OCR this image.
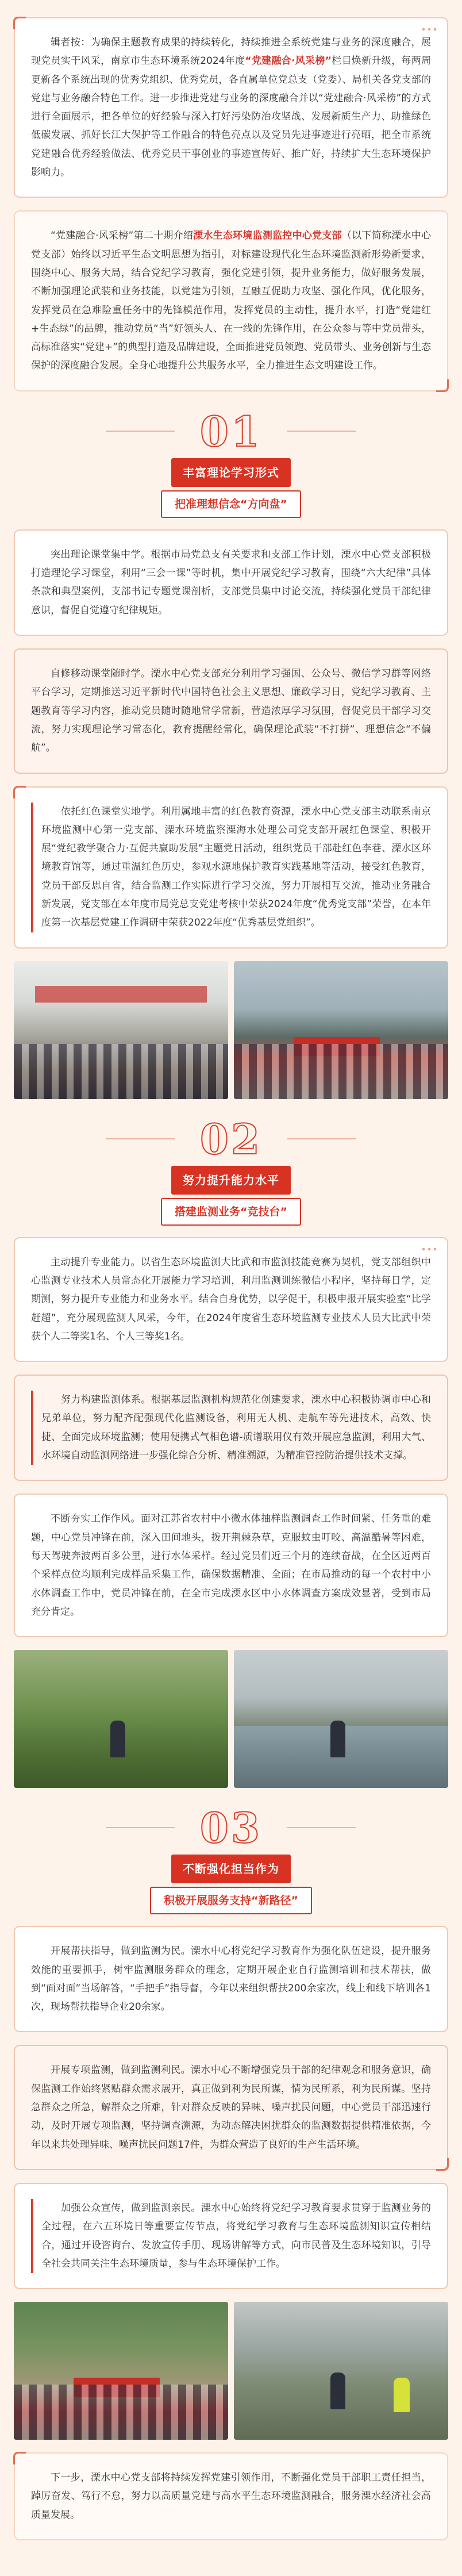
辑者按：为确保主题教育成果的持续转化，持续推进全系统党建与业务的深度融合，展现党员实干风采，南京市生态环境系统2024年度“党建融合·风采榜”栏目焕新升级，每两周更新各个系统出现的优秀党组织、优秀党员，各直属单位党总支（党委）、局机关各党支部的党建与业务融合特色工作。进一步推进党建与业务的深度融合并以“党建融合·风采榜”的方式进行全面展示，把各单位的好经验与深入打好污染防治攻坚战、发展新质生产力、助推绿色低碳发展、抓好长江大保护等工作融合的特色亮点以及党员先进事迹进行亮晒，把全市系统党建融合优秀经验做法、优秀党员干事创业的事迹宣传好、推广好，持续扩大生态环境保护影响力。

“党建融合·风采榜”第二十期介绍溧水生态环境监测监控中心党支部（以下简称溧水中心党支部）始终以习近平生态文明思想为指引，对标建设现代化生态环境监测新形势新要求，围绕中心、服务大局，结合党纪学习教育，强化党建引领，提升业务能力，做好服务发展，不断加强理论武装和业务技能，以党建为引领，互融互促助力攻坚、强化作风，优化服务，发挥党员在急难险重任务中的先锋模范作用，发挥党员的主动性，提升水平，打造“党建红+生态绿”的品牌，推动党员“当”好领头人、在一线的先锋作用，在公众参与等中党员带头，高标准落实“党建+”的典型打造及品牌建设，全面推进党员领跑、党员带头、业务创新与生态保护的深度融合发展。全身心地提升公共服务水平，全力推进生态文明建设工作。

01
丰富理论学习形式
把准理想信念“方向盘”

突出理论课堂集中学。根据市局党总支有关要求和支部工作计划，溧水中心党支部积极打造理论学习课堂，利用“三会一课”等时机，集中开展党纪学习教育，围绕“六大纪律”具体条款和典型案例，支部书记专题党课剖析，支部党员集中讨论交流，持续强化党员干部纪律意识，督促自觉遵守纪律规矩。

自修移动课堂随时学。溧水中心党支部充分利用学习强国、公众号、微信学习群等网络平台学习，定期推送习近平新时代中国特色社会主义思想、廉政学习日，党纪学习教育、主题教育等学习内容，推动党员随时随地常学常新，营造浓厚学习氛围，督促党员干部学习交流，努力实现理论学习常态化，教育提醒经常化，确保理论武装“不打拼”、理想信念“不偏航”。

依托红色课堂实地学。利用属地丰富的红色教育资源，溧水中心党支部主动联系南京环境监测中心第一党支部、溧水环境监察溧海水处理公司党支部开展红色课堂、积极开展“党纪教学聚合力·互促共赢助发展”主题党日活动，组织党员干部赴红色李巷、溧水区环境教育馆等，通过重温红色历史，参观水源地保护教育实践基地等活动，接受红色教育，党员干部反思自省，结合监测工作实际进行学习交流，努力开展相互交流，推动业务融合新发展，党支部在本年度市局党总支党建考核中荣获2024年度“优秀党支部”荣誉，在本年度第一次基层党建工作调研中荣获2022年度“优秀基层党组织”。

02
努力提升能力水平
搭建监测业务“竞技台”

主动提升专业能力。以省生态环境监测大比武和市监测技能竞赛为契机，党支部组织中心监测专业技术人员常态化开展能力学习培训，利用监测训练微信小程序，坚持每日学，定期测，努力提升专业能力和业务水平。结合自身优势，以学促干，积极申报开展实验室“比学赶超”，充分展现监测人风采，今年，在2024年度省生态环境监测专业技术人员大比武中荣获个人二等奖1名、个人三等奖1名。

努力构建监测体系。根据基层监测机构规范化创建要求，溧水中心积极协调市中心和兄弟单位，努力配齐配强现代化监测设备，利用无人机、走航车等先进技术，高效、快捷、全面完成环境监测；使用便携式气相色谱-质谱联用仪有效开展应急监测，利用大气、水环境自动监测网络进一步强化综合分析、精准溯源，为精准管控防治提供技术支撑。

不断夯实工作作风。面对江苏省农村中小微水体抽样监测调查工作时间紧、任务重的难题，中心党员冲锋在前，深入田间地头，拨开荆棘杂草，克服蚊虫叮咬、高温酷暑等困难，每天驾驶奔波两百多公里，进行水体采样。经过党员们近三个月的连续奋战，在全区近两百个采样点位均顺利完成样品采集工作，确保数据精准、全面；在市局推动的每一个农村中小水体调查工作中，党员冲锋在前，在全市完成溧水区中小水体调查方案成效显著，受到市局充分肯定。

03
不断强化担当作为
积极开展服务支持“新路径”

开展帮扶指导，做到监测为民。溧水中心将党纪学习教育作为强化队伍建设，提升服务效能的重要抓手，树牢监测服务群众的理念，定期开展企业自行监测培训和技术帮扶，做到“面对面”当场解答，“手把手”指导督，今年以来组织帮扶200余家次，线上和线下培训各1次，现场帮扶指导企业20余家。

开展专项监测，做到监测利民。溧水中心不断增强党员干部的纪律观念和服务意识，确保监测工作始终紧贴群众需求展开，真正做到利为民所谋，情为民所系，利为民所谋。坚持急群众之所急，解群众之所难，针对群众反映的异味、噪声扰民问题，中心党员干部迅速行动，及时开展专项监测，坚持调查溯源，为动态解决困扰群众的监测数据提供精准依据，今年以来共处理异味、噪声扰民问题17件，为群众营造了良好的生产生活环境。

加强公众宣传，做到监测亲民。溧水中心始终将党纪学习教育要求贯穿于监测业务的全过程，在六五环境日等重要宣传节点，将党纪学习教育与生态环境监测知识宣传相结合，通过开设咨询台、发放宣传手册、现场讲解等方式，向市民普及生态环境知识，引导全社会共同关注生态环境质量，参与生态环境保护工作。

下一步，溧水中心党支部将持续发挥党建引领作用，不断强化党员干部职工责任担当，踔厉奋发、笃行不怠，努力以高质量党建与高水平生态环境监测融合，服务溧水经济社会高质量发展。
